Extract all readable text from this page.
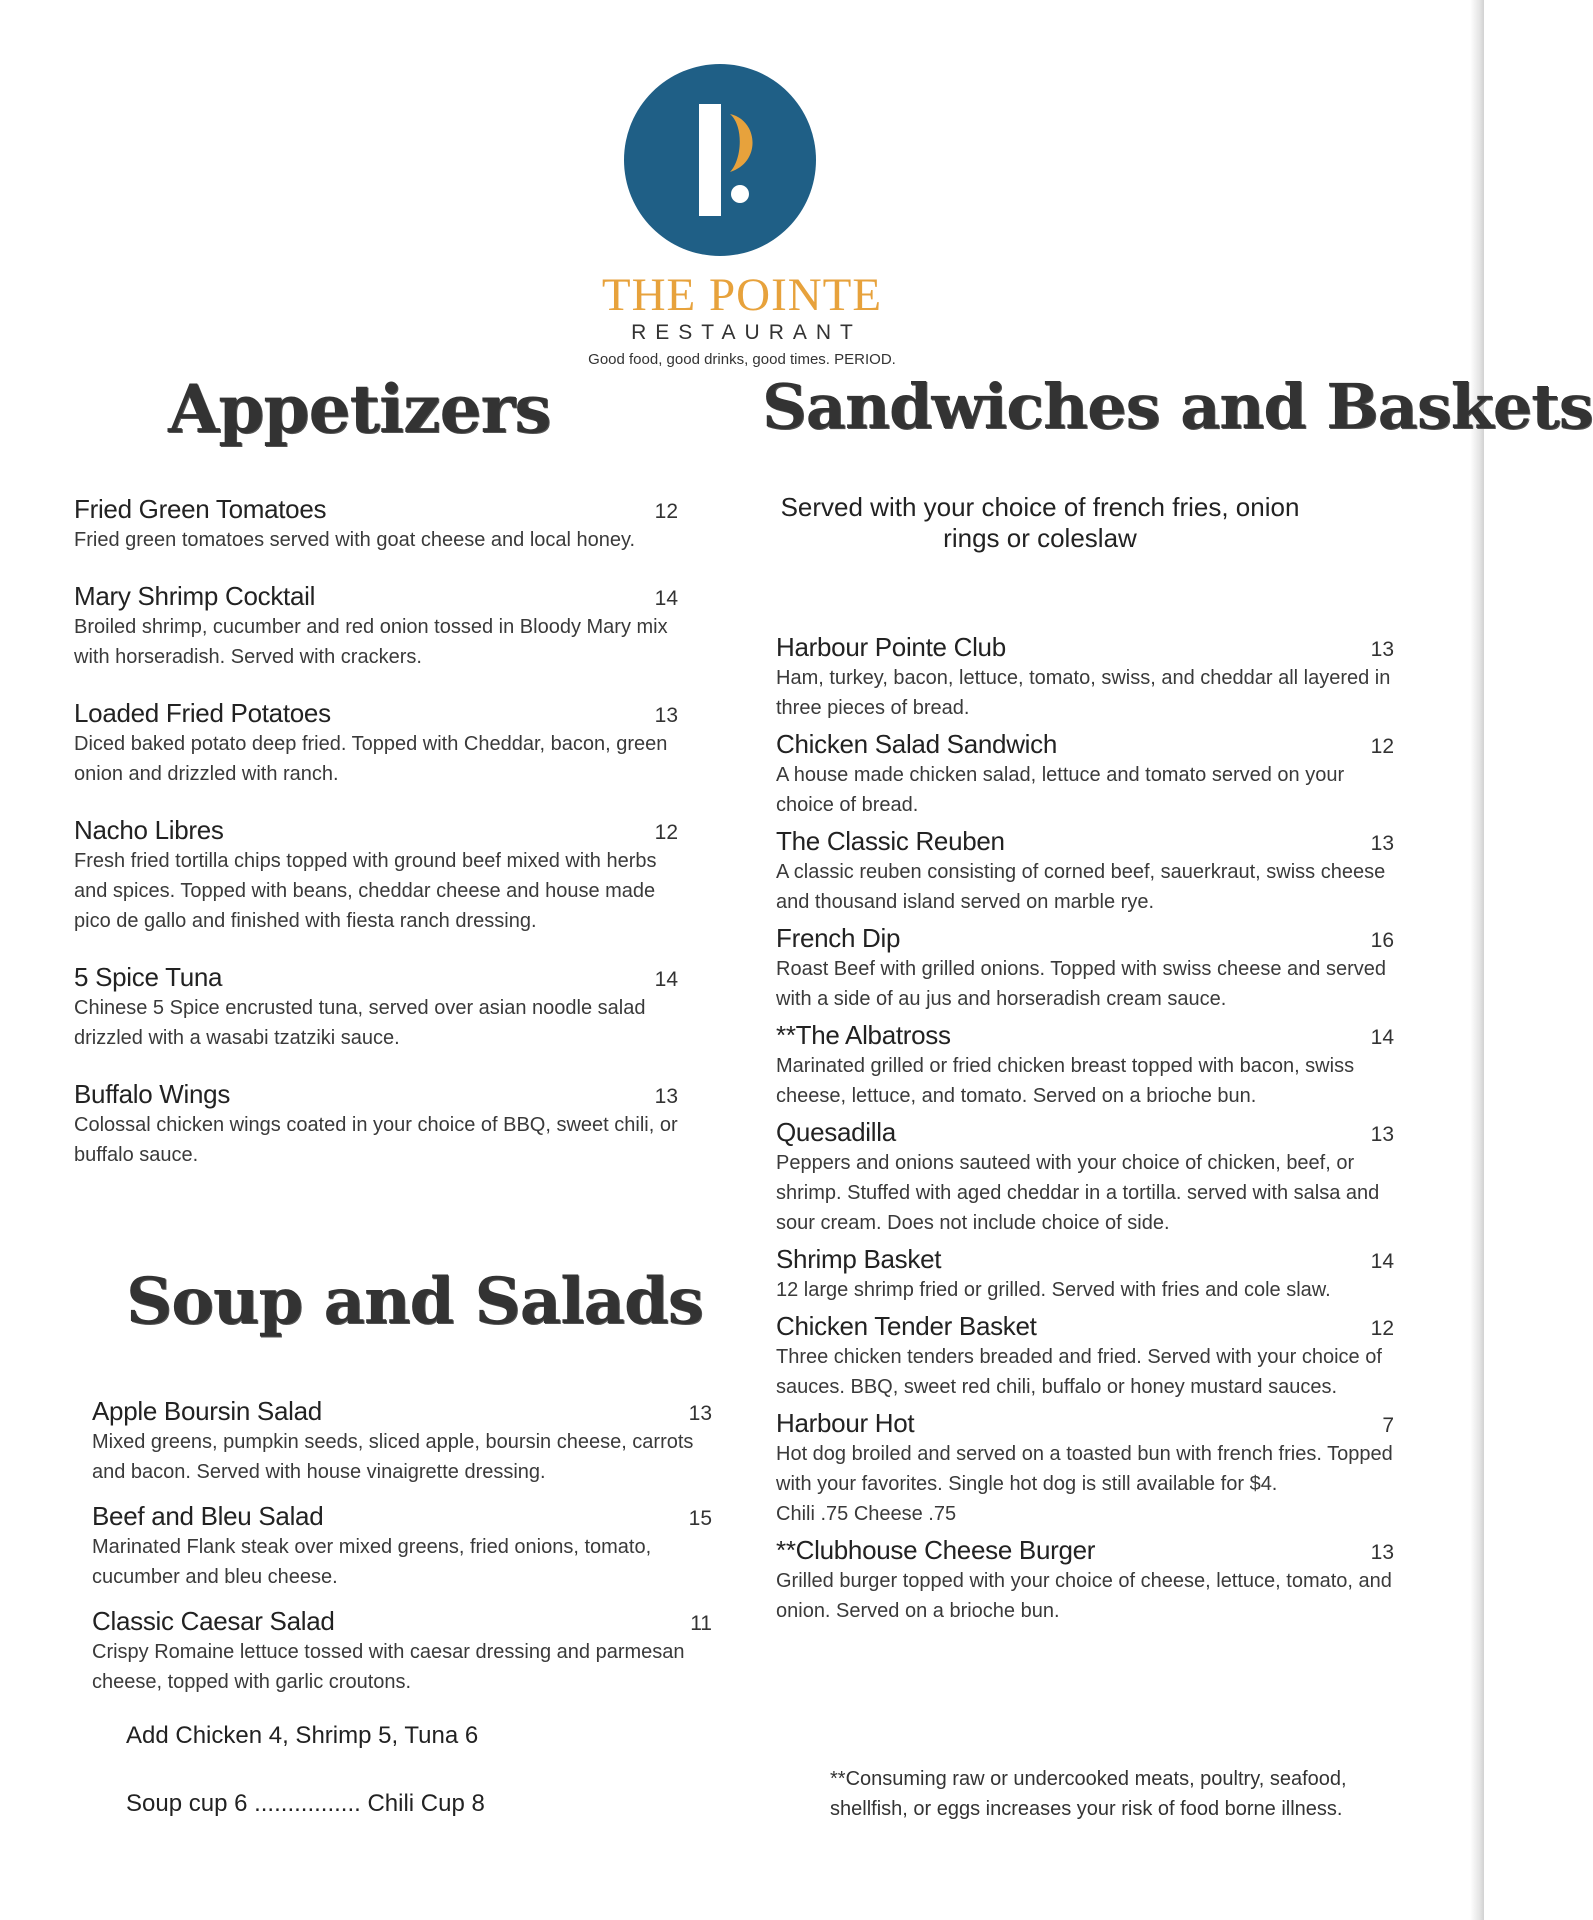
THE POINTE
RESTAURANT
Good food, good drinks, good times. PERIOD.
Appetizers	Sandwiches and Baskets
Soup and Salads
Served with your choice of french fries, onion rings or coleslaw
Fried Green Tomatoes	12
Fried green tomatoes served with goat cheese and local honey.
Mary Shrimp Cocktail	14
Broiled shrimp, cucumber and red onion tossed in Bloody Mary mix with horseradish. Served with crackers.
Loaded Fried Potatoes	13
Diced baked potato deep fried. Topped with Cheddar, bacon, green onion and drizzled with ranch.
Nacho Libres	12
Fresh fried tortilla chips topped with ground beef mixed with herbs and spices. Topped with beans, cheddar cheese and house made pico de gallo and finished with fiesta ranch dressing.
5 Spice Tuna	14
Chinese 5 Spice encrusted tuna, served over asian noodle salad drizzled with a wasabi tzatziki sauce.
Buffalo Wings	13
Colossal chicken wings coated in your choice of BBQ, sweet chili, or buffalo sauce.
Apple Boursin Salad	13
Mixed greens, pumpkin seeds, sliced apple, boursin cheese, carrots and bacon. Served with house vinaigrette dressing.
Beef and Bleu Salad	15
Marinated Flank steak over mixed greens, fried onions, tomato, cucumber and bleu cheese.
Classic Caesar Salad	11
Crispy Romaine lettuce tossed with caesar dressing and parmesan cheese, topped with garlic croutons.
Add Chicken 4, Shrimp 5, Tuna 6
Soup cup 6 ................ Chili Cup 8
Harbour Pointe Club	13
Ham, turkey, bacon, lettuce, tomato, swiss, and cheddar all layered in three pieces of bread.
Chicken Salad Sandwich	12
A house made chicken salad, lettuce and tomato served on your choice of bread.
The Classic Reuben	13
A classic reuben consisting of corned beef, sauerkraut, swiss cheese and thousand island served on marble rye.
French Dip	16
Roast Beef with grilled onions. Topped with swiss cheese and served with a side of au jus and horseradish cream sauce.
**The Albatross	14
Marinated grilled or fried chicken breast topped with bacon, swiss cheese, lettuce, and tomato. Served on a brioche bun.
Quesadilla	13
Peppers and onions sauteed with your choice of chicken, beef, or shrimp. Stuffed with aged cheddar in a tortilla. served with salsa and sour cream. Does not include choice of side.
Shrimp Basket	14
12 large shrimp fried or grilled. Served with fries and cole slaw.
Chicken Tender Basket	12
Three chicken tenders breaded and fried. Served with your choice of sauces. BBQ, sweet red chili, buffalo or honey mustard sauces.
Harbour Hot	7
Hot dog broiled and served on a toasted bun with french fries. Topped with your favorites. Single hot dog is still available for $4.
Chili .75 Cheese .75
**Clubhouse Cheese Burger	13
Grilled burger topped with your choice of cheese, lettuce, tomato, and onion. Served on a brioche bun.
**Consuming raw or undercooked meats, poultry, seafood, shellfish, or eggs increases your risk of food borne illness.
